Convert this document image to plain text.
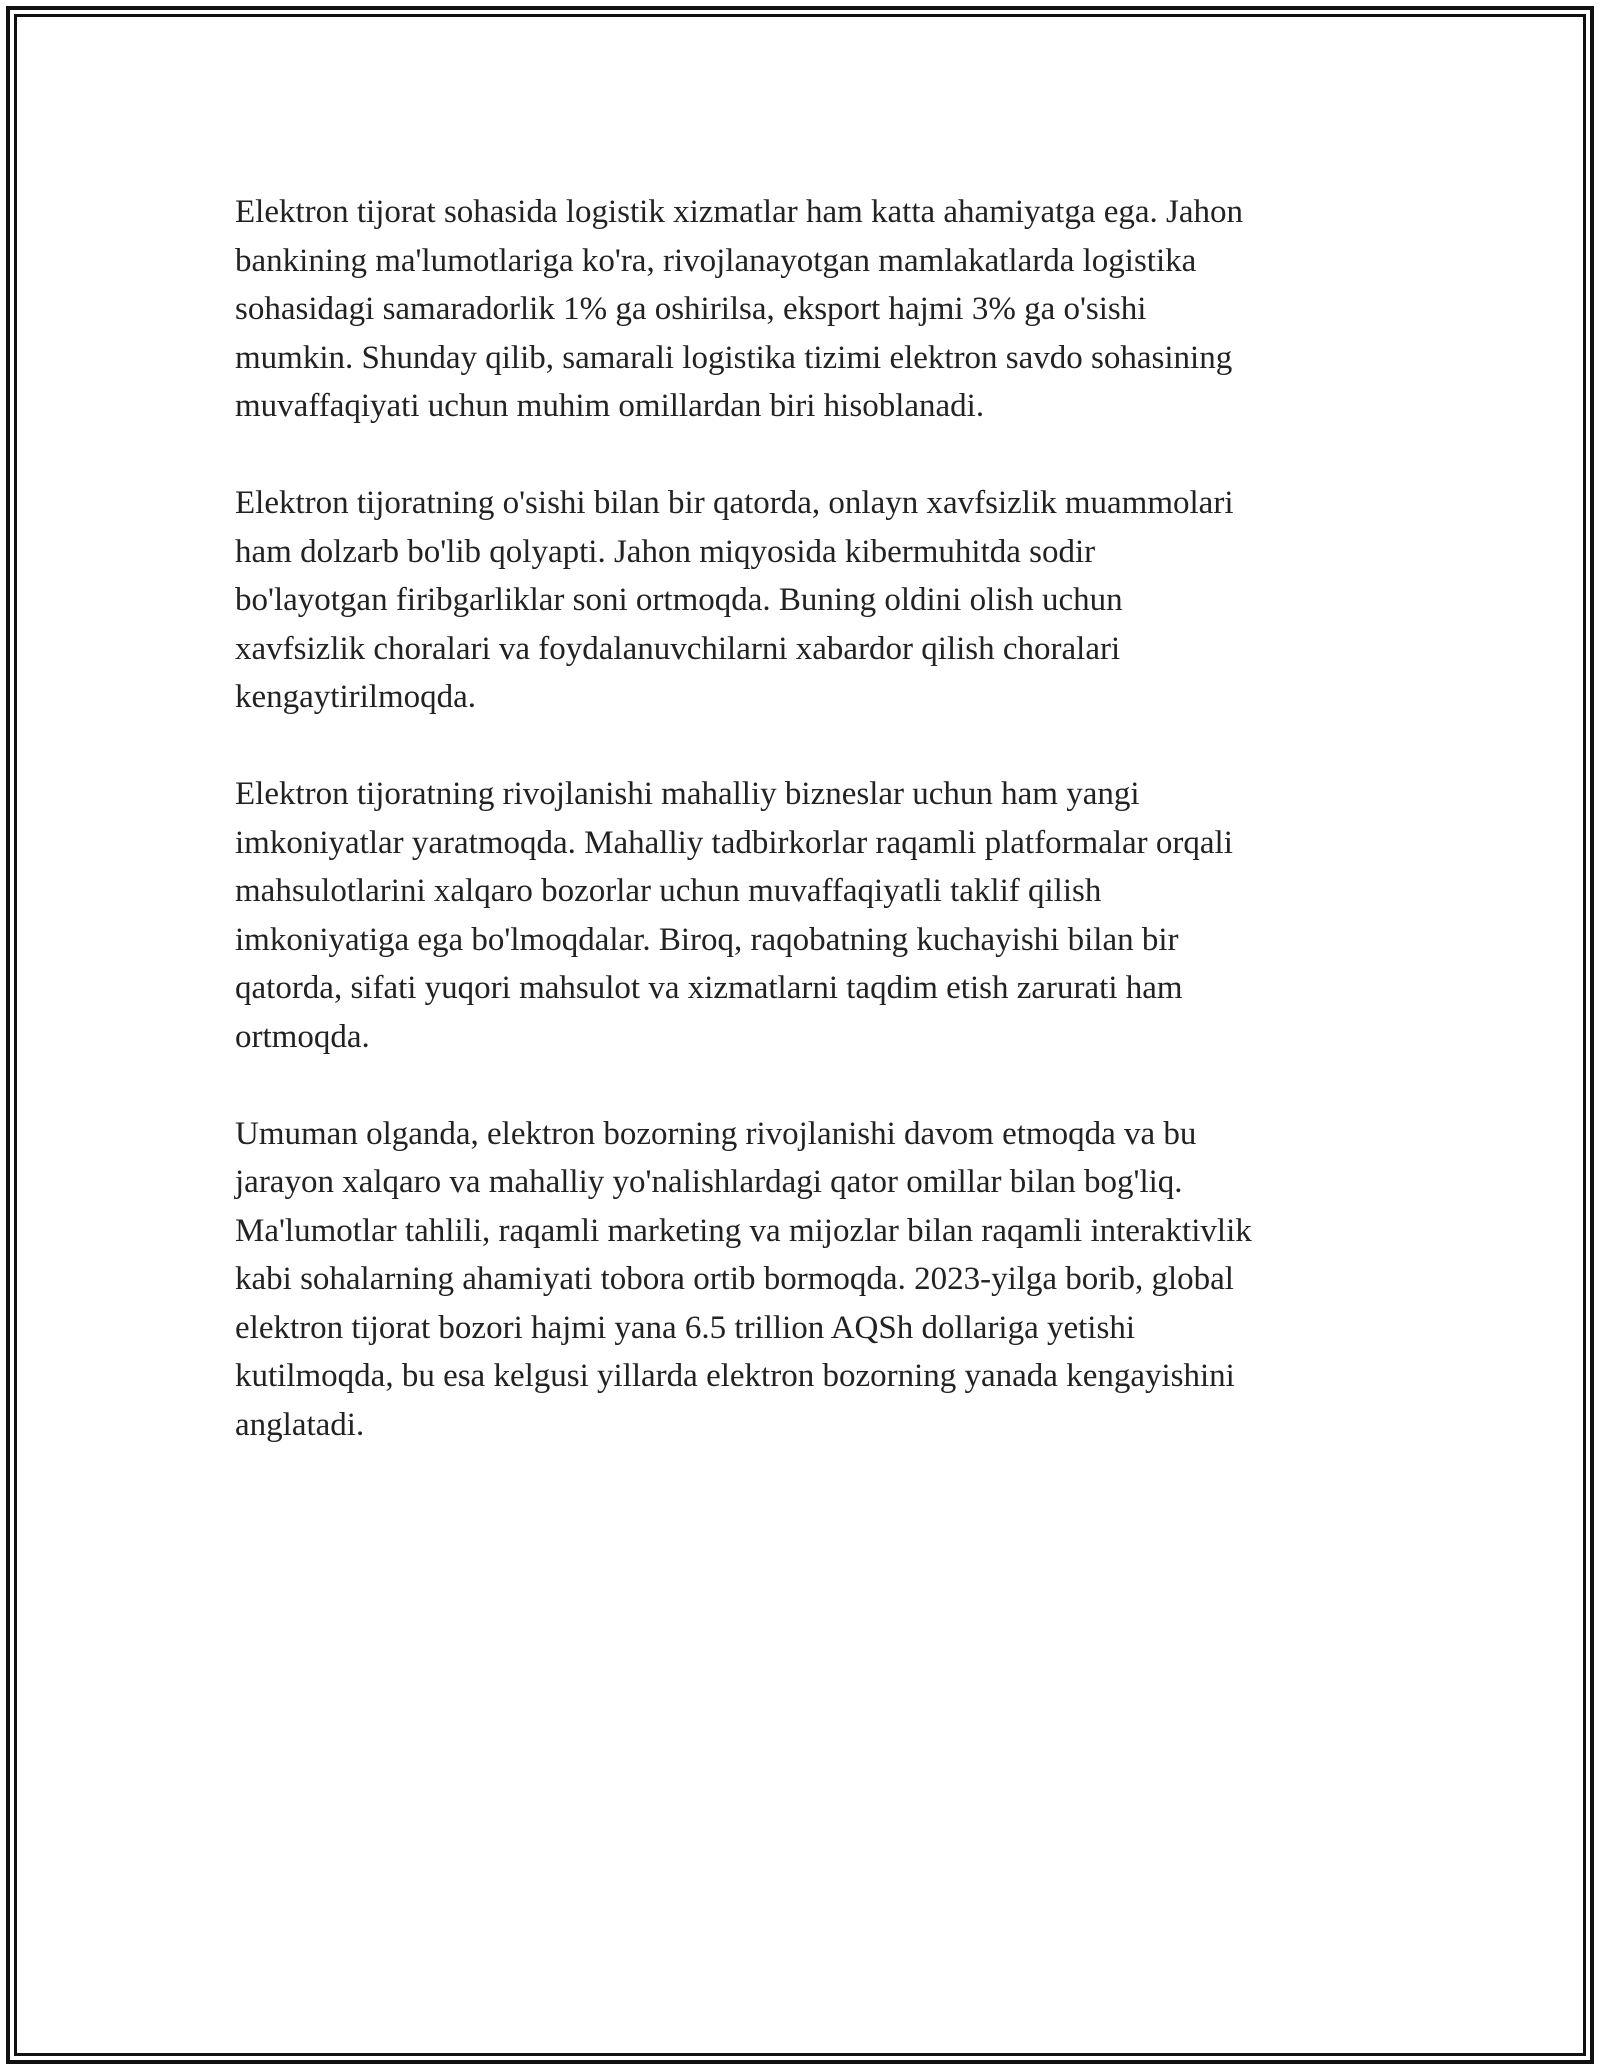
Elektron tijorat sohasida logistik xizmatlar ham katta ahamiyatga ega. Jahon
bankining ma'lumotlariga ko'ra, rivojlanayotgan mamlakatlarda logistika
sohasidagi samaradorlik 1% ga oshirilsa, eksport hajmi 3% ga o'sishi
mumkin. Shunday qilib, samarali logistika tizimi elektron savdo sohasining
muvaffaqiyati uchun muhim omillardan biri hisoblanadi.

Elektron tijoratning o'sishi bilan bir qatorda, onlayn xavfsizlik muammolari
ham dolzarb bo'lib qolyapti. Jahon miqyosida kibermuhitda sodir
bo'layotgan firibgarliklar soni ortmoqda. Buning oldini olish uchun
xavfsizlik choralari va foydalanuvchilarni xabardor qilish choralari
kengaytirilmoqda.

Elektron tijoratning rivojlanishi mahalliy bizneslar uchun ham yangi
imkoniyatlar yaratmoqda. Mahalliy tadbirkorlar raqamli platformalar orqali
mahsulotlarini xalqaro bozorlar uchun muvaffaqiyatli taklif qilish
imkoniyatiga ega bo'lmoqdalar. Biroq, raqobatning kuchayishi bilan bir
qatorda, sifati yuqori mahsulot va xizmatlarni taqdim etish zarurati ham
ortmoqda.

Umuman olganda, elektron bozorning rivojlanishi davom etmoqda va bu
jarayon xalqaro va mahalliy yo'nalishlardagi qator omillar bilan bog'liq.
Ma'lumotlar tahlili, raqamli marketing va mijozlar bilan raqamli interaktivlik
kabi sohalarning ahamiyati tobora ortib bormoqda. 2023-yilga borib, global
elektron tijorat bozori hajmi yana 6.5 trillion AQSh dollariga yetishi
kutilmoqda, bu esa kelgusi yillarda elektron bozorning yanada kengayishini
anglatadi.
